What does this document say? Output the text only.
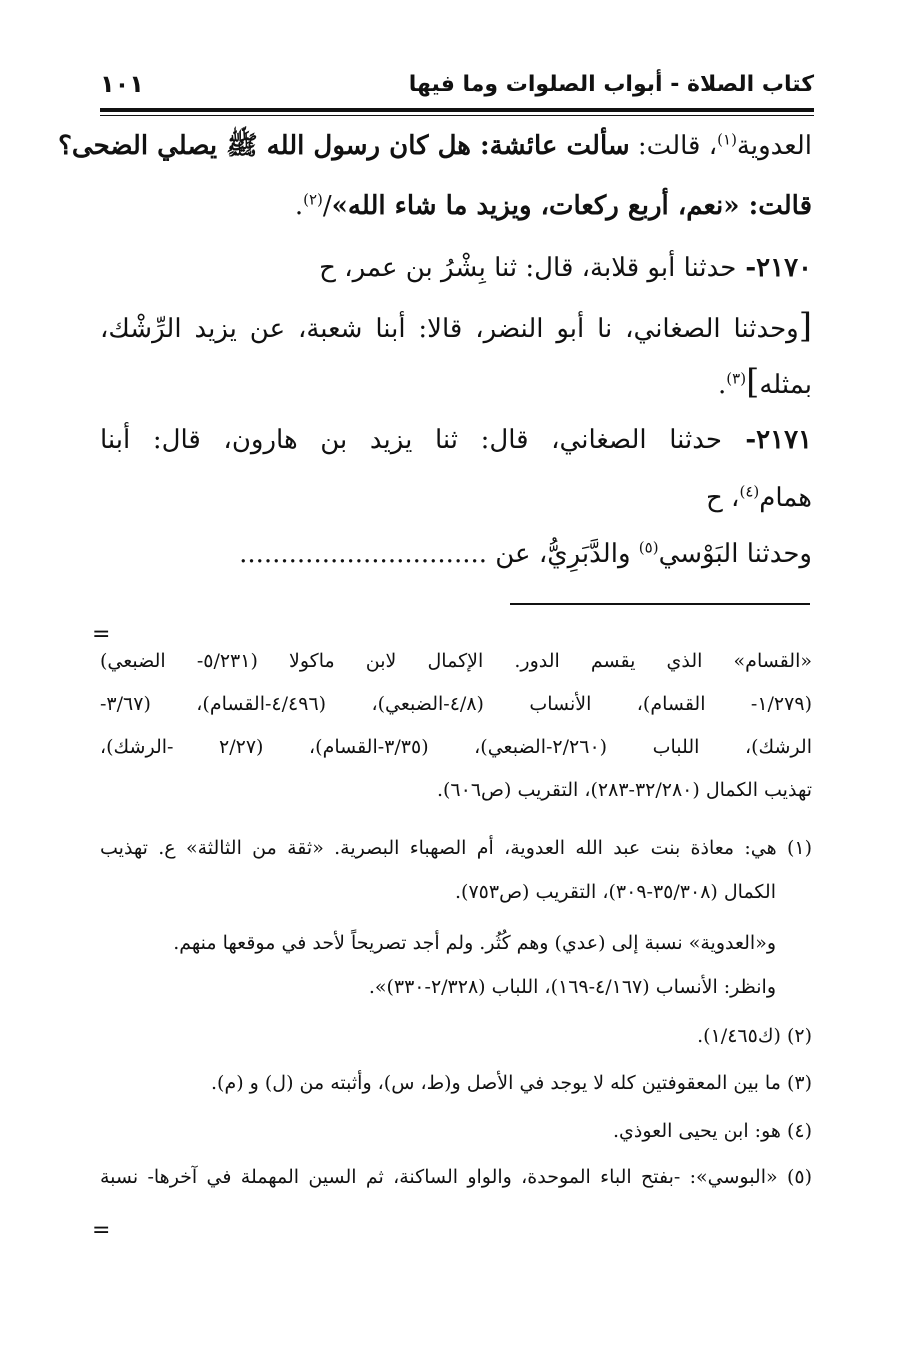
كتاب الصلاة - أبواب الصلوات وما فيها
١٠١
العدوية$^{(١)}$، قالت: سألت عائشة: هل كان رسول الله ﷺ يصلي الضحى؟
قالت: «نعم، أربع ركعات، ويزيد ما شاء الله»/$^{(٢)}$.
٢١٧٠- حدثنا أبو قلابة، قال: ثنا بِشْرُ بن عمر، ح
[وحدثنا الصغاني، نا أبو النضر، قالا: أبنا شعبة، عن يزيد الرِّشْك،
بمثله]$^{(٣)}$.
٢١٧١- حدثنا الصغاني، قال: ثنا يزيد بن هارون، قال: أبنا
همام$^{(٤)}$، ح
وحدثنا البَوْسي$^{(٥)}$ والدَّبَرِيُّ، عن ..............................
=
«القسام» الذي يقسم الدور. الإكمال لابن ماكولا (٥/٢٣١- الضبعي)
(١/٢٧٩- القسام)، الأنساب (٤/٨-الضبعي)، (٤/٤٩٦-القسام)، (٣/٦٧-
الرشك)، اللباب (٢/٢٦٠-الضبعي)، (٣/٣٥-القسام)، (٢/٢٧ -الرشك)،
تهذيب الكمال (٣٢/٢٨٠-٢٨٣)، التقريب (ص٦٠٦).
(١) هي: معاذة بنت عبد الله العدوية، أم الصهباء البصرية. «ثقة من الثالثة» ع. تهذيب
الكمال (٣٥/٣٠٨-٣٠٩)، التقريب (ص٧٥٣).
و«العدوية» نسبة إلى (عدي) وهم كُثُر. ولم أجد تصريحاً لأحد في موقعها منهم.
وانظر: الأنساب (٤/١٦٧-١٦٩)، اللباب (٢/٣٢٨-٣٣٠)».
(٢) (ك١/٤٦٥).
(٣) ما بين المعقوفتين كله لا يوجد في الأصل و(ط، س)، وأثبته من (ل) و (م).
(٤) هو: ابن يحيى العوذي.
(٥) «البوسي»: -بفتح الباء الموحدة، والواو الساكنة، ثم السين المهملة في آخرها- نسبة
=
